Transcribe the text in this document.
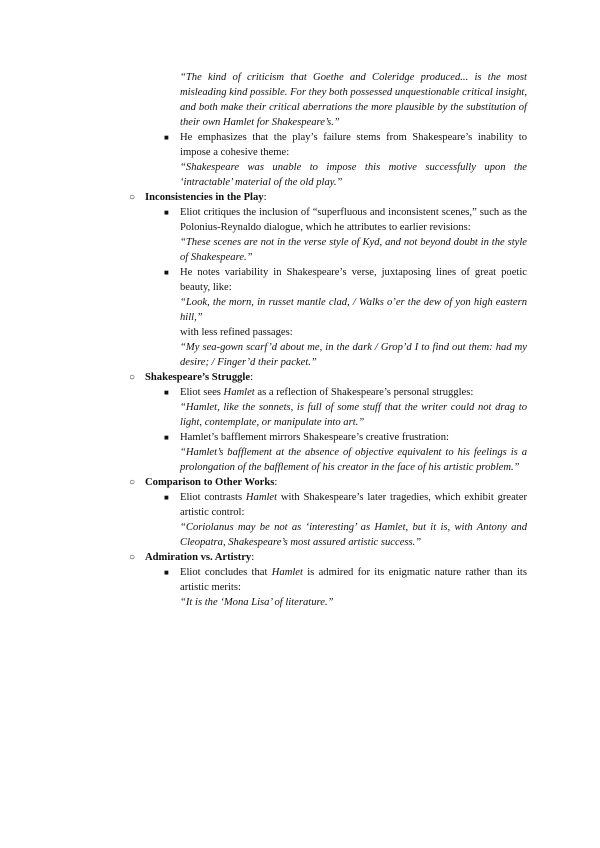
“The kind of criticism that Goethe and Coleridge produced... is the most misleading kind possible. For they both possessed unquestionable critical insight, and both make their critical aberrations the more plausible by the substitution of their own Hamlet for Shakespeare’s.”
■ He emphasizes that the play’s failure stems from Shakespeare’s inability to impose a cohesive theme:
“Shakespeare was unable to impose this motive successfully upon the ‘intractable’ material of the old play.”
○ Inconsistencies in the Play:
■ Eliot critiques the inclusion of “superfluous and inconsistent scenes,” such as the Polonius-Reynaldo dialogue, which he attributes to earlier revisions:
“These scenes are not in the verse style of Kyd, and not beyond doubt in the style of Shakespeare.”
■ He notes variability in Shakespeare’s verse, juxtaposing lines of great poetic beauty, like:
“Look, the morn, in russet mantle clad, / Walks o’er the dew of yon high eastern hill,”
with less refined passages:
“My sea-gown scarf’d about me, in the dark / Grop’d I to find out them: had my desire; / Finger’d their packet.”
○ Shakespeare’s Struggle:
■ Eliot sees Hamlet as a reflection of Shakespeare’s personal struggles:
“Hamlet, like the sonnets, is full of some stuff that the writer could not drag to light, contemplate, or manipulate into art.”
■ Hamlet’s bafflement mirrors Shakespeare’s creative frustration:
“Hamlet’s bafflement at the absence of objective equivalent to his feelings is a prolongation of the bafflement of his creator in the face of his artistic problem.”
○ Comparison to Other Works:
■ Eliot contrasts Hamlet with Shakespeare’s later tragedies, which exhibit greater artistic control:
“Coriolanus may be not as ‘interesting’ as Hamlet, but it is, with Antony and Cleopatra, Shakespeare’s most assured artistic success.”
○ Admiration vs. Artistry:
■ Eliot concludes that Hamlet is admired for its enigmatic nature rather than its artistic merits:
“It is the ‘Mona Lisa’ of literature.”
